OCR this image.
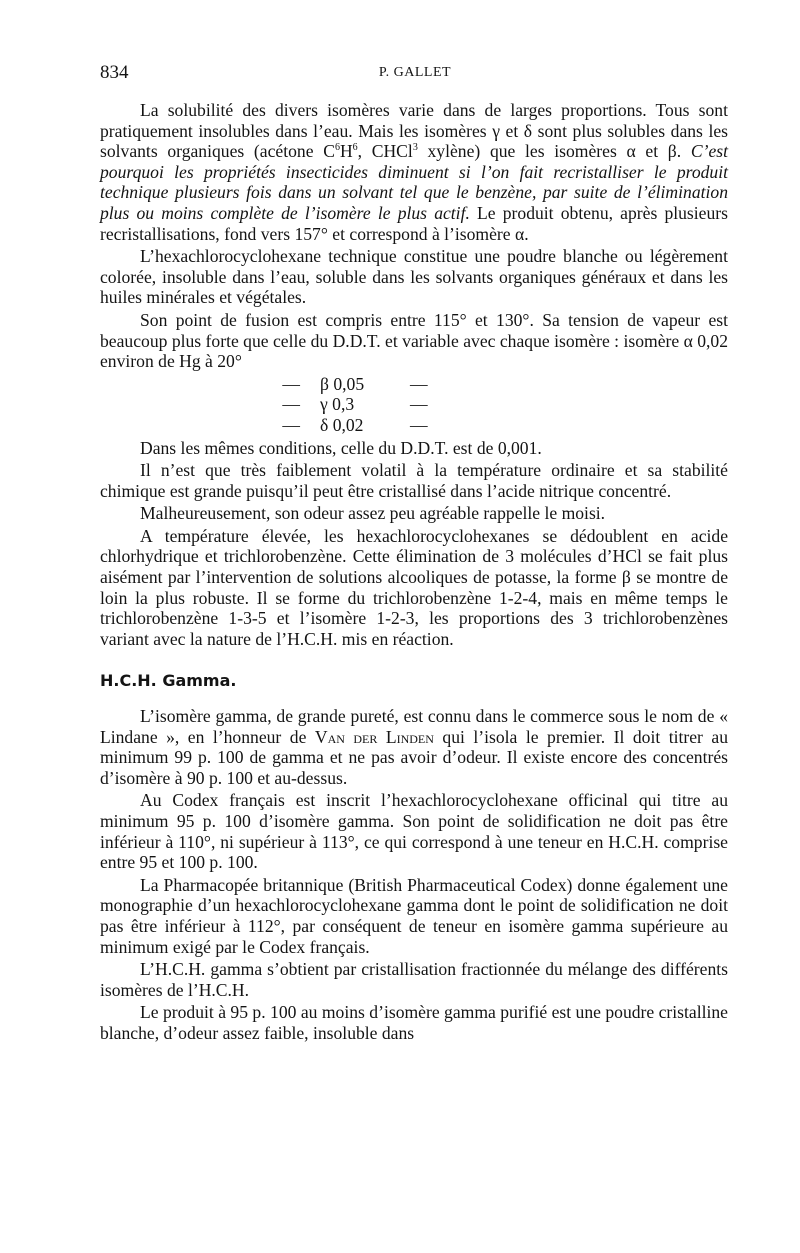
834	P. GALLET

La solubilité des divers isomères varie dans de larges proportions. Tous sont pratiquement insolubles dans l’eau. Mais les isomères γ et δ sont plus solubles dans les solvants organiques (acétone $C^6H^6$, CHCl$^3$ xylène) que les isomères α et β. C’est pourquoi les propriétés insecticides diminuent si l’on fait recristalliser le produit technique plusieurs fois dans un solvant tel que le benzène, par suite de l’élimination plus ou moins complète de l’isomère le plus actif. Le produit obtenu, après plusieurs recristallisations, fond vers 157° et correspond à l’isomère α.

L’hexachlorocyclohexane technique constitue une poudre blanche ou légèrement colorée, insoluble dans l’eau, soluble dans les solvants organiques généraux et dans les huiles minérales et végétales.

Son point de fusion est compris entre 115° et 130°. Sa tension de vapeur est beaucoup plus forte que celle du D.D.T. et variable avec chaque isomère : isomère α 0,02 environ de Hg à 20°

—	β 0,05	—
—	γ 0,3	—
—	δ 0,02	—

Dans les mêmes conditions, celle du D.D.T. est de 0,001.

Il n’est que très faiblement volatil à la température ordinaire et sa stabilité chimique est grande puisqu’il peut être cristallisé dans l’acide nitrique concentré.

Malheureusement, son odeur assez peu agréable rappelle le moisi.

A température élevée, les hexachlorocyclohexanes se dédoublent en acide chlorhydrique et trichlorobenzène. Cette élimination de 3 molécules d’HCl se fait plus aisément par l’intervention de solutions alcooliques de potasse, la forme β se montre de loin la plus robuste. Il se forme du trichlorobenzène 1-2-4, mais en même temps le trichlorobenzène 1-3-5 et l’isomère 1-2-3, les proportions des 3 trichlorobenzènes variant avec la nature de l’H.C.H. mis en réaction.

H.C.H. Gamma.

L’isomère gamma, de grande pureté, est connu dans le commerce sous le nom de « Lindane », en l’honneur de Van der Linden qui l’isola le premier. Il doit titrer au minimum 99 p. 100 de gamma et ne pas avoir d’odeur. Il existe encore des concentrés d’isomère à 90 p. 100 et au-dessus.

Au Codex français est inscrit l’hexachlorocyclohexane officinal qui titre au minimum 95 p. 100 d’isomère gamma. Son point de solidification ne doit pas être inférieur à 110°, ni supérieur à 113°, ce qui correspond à une teneur en H.C.H. comprise entre 95 et 100 p. 100.

La Pharmacopée britannique (British Pharmaceutical Codex) donne également une monographie d’un hexachlorocyclohexane gamma dont le point de solidification ne doit pas être inférieur à 112°, par conséquent de teneur en isomère gamma supérieure au minimum exigé par le Codex français.

L’H.C.H. gamma s’obtient par cristallisation fractionnée du mélange des différents isomères de l’H.C.H.

Le produit à 95 p. 100 au moins d’isomère gamma purifié est une poudre cristalline blanche, d’odeur assez faible, insoluble dans
